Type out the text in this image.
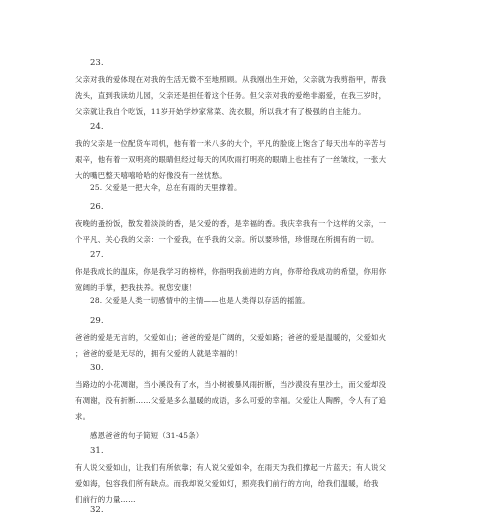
23.
父亲对我的爱体现在对我的生活无微不至地照顾。从我刚出生开始，父亲就为我剪指甲，帮我
洗头，直到我读幼儿园，父亲还是担任着这个任务。但父亲对我的爱绝非溺爱，在我三岁时，
父亲就让我自个吃饭，11岁开始学炒家常菜、洗衣服，所以我才有了极强的自主能力。
24.
我的父亲是一位配货车司机，他有着一米八多的大个，平凡的脸庞上饱含了每天出车的辛苦与
艰辛，他有着一双明亮的眼睛但经过每天的风吹雨打明亮的眼睛上也挂有了一丝皱纹，一张大
大的嘴巴整天嘻嘻哈哈的好像没有一丝忧愁。
25. 父爱是一把大伞，总在有雨的天里撑着。
26.
夜晚的蚤扮饭，散发着淡淡的香，是父爱的香，是幸福的香。我庆幸我有一个这样的父亲，一
个平凡、关心我的父亲：一个爱我，在乎我的父亲。所以要珍惜，珍惜现在所拥有的一切。
27.
你是我成长的温床，你是我学习的榜样，你指明我前进的方向，你带给我成功的希望，你用你
宽阔的手掌，把我扶养。祝您安康！
28. 父爱是人类一切感情中的主情——也是人类得以存活的摇篮。
29.
爸爸的爱是无言的，父爱如山；爸爸的爱是广阔的，父爱如路；爸爸的爱是温暖的，父爱如火
；爸爸的爱是无尽的，拥有父爱的人就是幸福的！
30.
当路边的小花凋谢，当小溪没有了水，当小树被暴风雨折断，当沙漠没有里沙土，而父爱却没
有凋谢，没有折断……父爱是多么温暖的成语，多么可爱的幸福。父爱让人陶醉，令人有了追
求。
感恩爸爸的句子简短（31-45条）
31.
有人说父爱如山，让我们有所依靠；有人说父爱如伞，在雨天为我们撑起一片蓝天；有人说父
爱如海，包容我们所有缺点。而我却说父爱如灯，照亮我们前行的方向，给我们温暖，给我
们前行的力量……
32.
